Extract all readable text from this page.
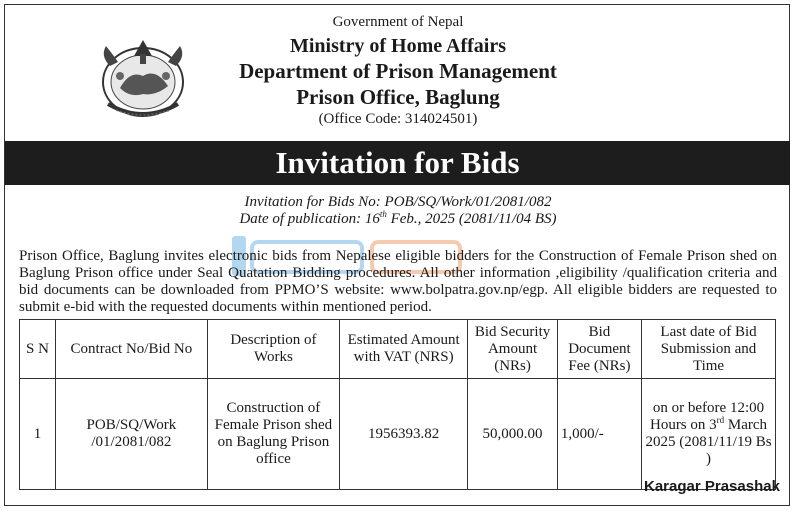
Government of Nepal
Ministry of Home Affairs
Department of Prison Management
Prison Office, Baglung
(Office Code: 314024501)
Invitation for Bids
Invitation for Bids No: POB/SQ/Work/01/2081/082
Date of publication: 16th Feb., 2025 (2081/11/04 BS)
Prison Office, Baglung invites electronic bids from Nepalese eligible bidders for the Construction of Female Prison shed on Baglung Prison office under Seal Quatation Bidding procedures. All other information ,eligibility /qualification criteria and bid documents can be downloaded from PPMO’S website: www.bolpatra.gov.np/egp. All eligible bidders are requested to submit e-bid with the requested documents within mentioned period.
S N	Contract No/Bid No	Description of Works	Estimated Amount with VAT (NRS)	Bid Security Amount (NRs)	Bid Document Fee (NRs)	Last date of Bid Submission and Time
1	POB/SQ/Work /01/2081/082	Construction of Female Prison shed on Baglung Prison office	1956393.82	50,000.00	1,000/-	on or before 12:00 Hours on 3rd March 2025 (2081/11/19 Bs )
Karagar Prasashak
